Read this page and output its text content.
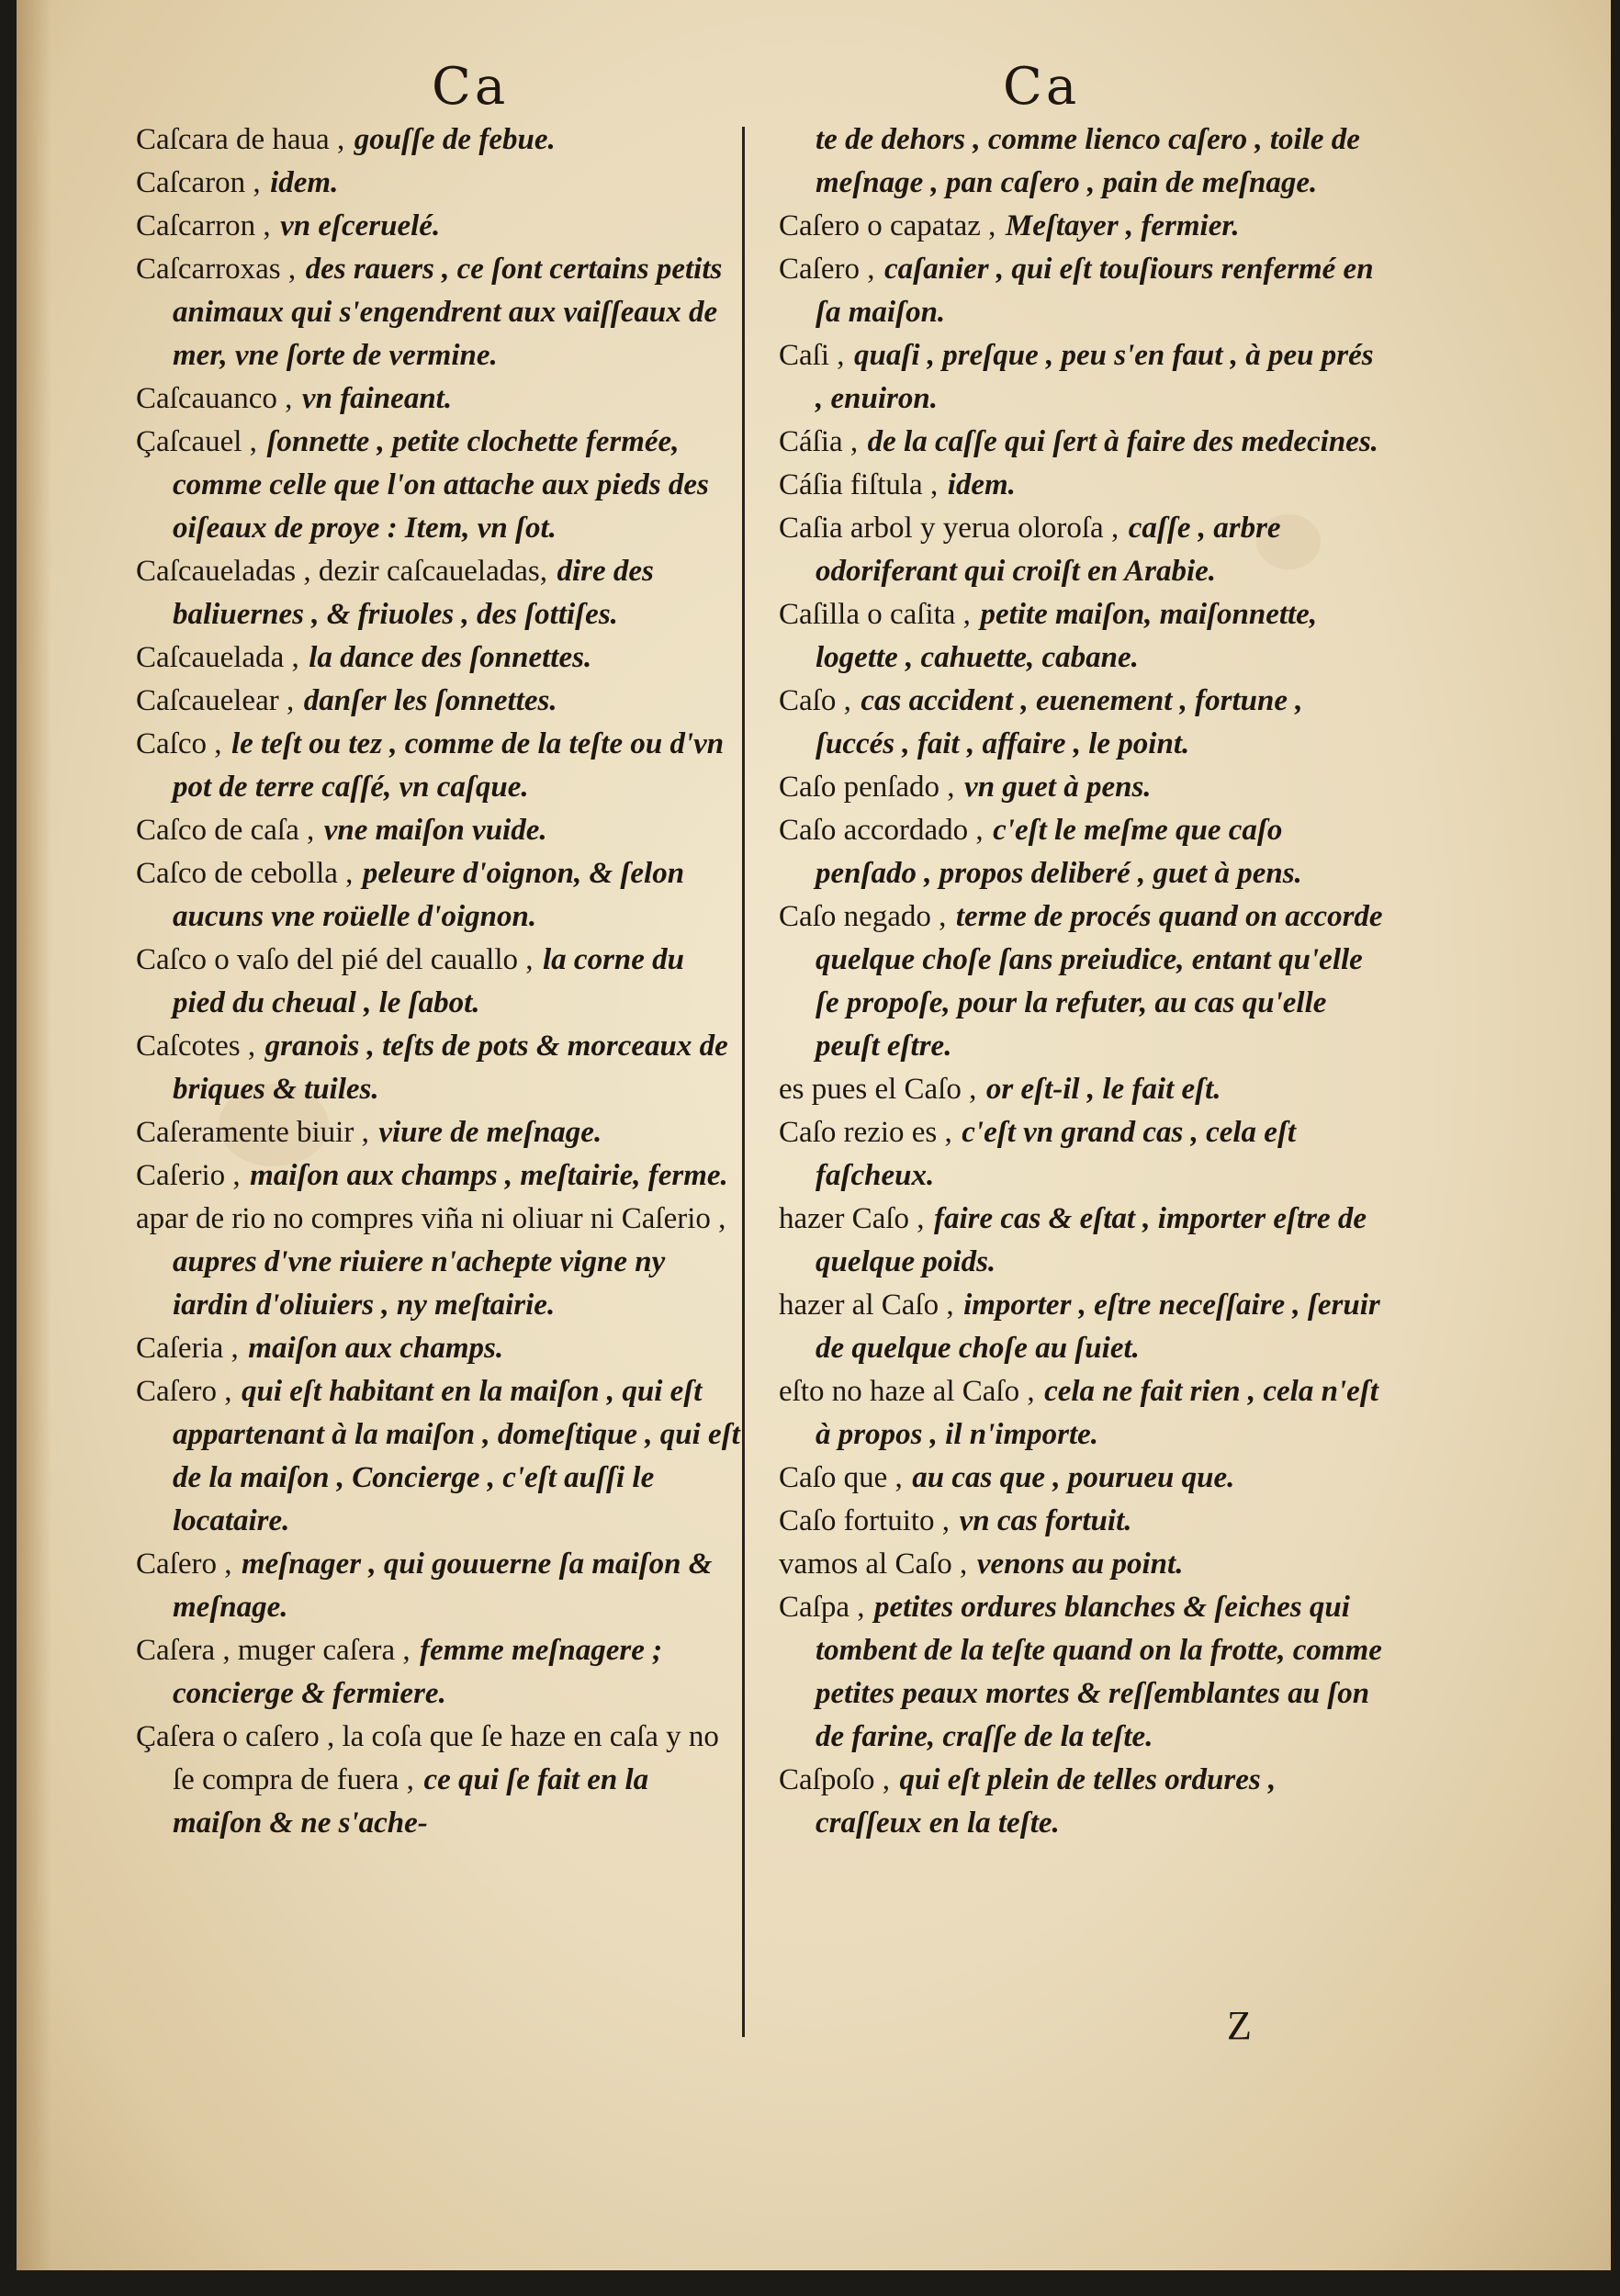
Ca	Ca

Caſcara de haua , gouſſe de febue.

Caſcaron , idem.

Caſcarron , vn eſceruelé.

Caſcarroxas , des rauers , ce ſont certains petits animaux qui s'engendrent aux vaiſſeaux de mer, vne ſorte de vermine.

Caſcauanco , vn faineant.

Çaſcauel , ſonnette , petite clochette fermée, comme celle que l'on attache aux pieds des oiſeaux de proye : Item, vn ſot.

Caſcaueladas , dezir caſcaueladas, dire des baliuernes , & friuoles , des ſottiſes.

Caſcauelada , la dance des ſonnettes.

Caſcauelear , danſer les ſonnettes.

Caſco , le teſt ou tez , comme de la teſte ou d'vn pot de terre caſſé, vn caſque.

Caſco de caſa , vne maiſon vuide.

Caſco de cebolla , peleure d'oignon, & ſelon aucuns vne roüelle d'oignon.

Caſco o vaſo del pié del cauallo , la corne du pied du cheual , le ſabot.

Caſcotes , granois , teſts de pots & morceaux de briques & tuiles.

Caſeramente biuir , viure de meſnage.

Caſerio , maiſon aux champs , meſtairie, ferme.

apar de rio no compres viña ni oliuar ni Caſerio , aupres d'vne riuiere n'achepte vigne ny iardin d'oliuiers , ny meſtairie.

Caſeria , maiſon aux champs.

Caſero , qui eſt habitant en la maiſon , qui eſt appartenant à la maiſon , domeſtique , qui eſt de la maiſon , Concierge , c'eſt auſſi le locataire.

Caſero , meſnager , qui gouuerne ſa maiſon & meſnage.

Caſera , muger caſera , femme meſnagere ; concierge & fermiere.

Çaſera o caſero , la coſa que ſe haze en caſa y no ſe compra de fuera , ce qui ſe fait en la maiſon & ne s'ache-

te de dehors , comme lienco caſero , toile de meſnage , pan caſero , pain de meſnage.

Caſero o capataz , Meſtayer , fermier.

Caſero , caſanier , qui eſt touſiours renfermé en ſa maiſon.

Caſi , quaſi , preſque , peu s'en faut , à peu prés , enuiron.

Cáſia , de la caſſe qui ſert à faire des medecines.

Cáſia fiſtula , idem.

Caſia arbol y yerua oloroſa , caſſe , arbre odoriferant qui croiſt en Arabie.

Caſilla o caſita , petite maiſon, maiſonnette, logette , cahuette, cabane.

Caſo , cas accident , euenement , fortune , ſuccés , fait , affaire , le point.

Caſo penſado , vn guet à pens.

Caſo accordado , c'eſt le meſme que caſo penſado , propos deliberé , guet à pens.

Caſo negado , terme de procés quand on accorde quelque choſe ſans preiudice, entant qu'elle ſe propoſe, pour la refuter, au cas qu'elle peuſt eſtre.

es pues el Caſo , or eſt-il , le fait eſt.

Caſo rezio es , c'eſt vn grand cas , cela eſt faſcheux.

hazer Caſo , faire cas & eſtat , importer eſtre de quelque poids.

hazer al Caſo , importer , eſtre neceſſaire , ſeruir de quelque choſe au ſuiet.

eſto no haze al Caſo , cela ne fait rien , cela n'eſt à propos , il n'importe.

Caſo que , au cas que , pourueu que.

Caſo fortuito , vn cas fortuit.

vamos al Caſo , venons au point.

Caſpa , petites ordures blanches & ſeiches qui tombent de la teſte quand on la frotte, comme petites peaux mortes & reſſemblantes au ſon de farine, craſſe de la teſte.

Caſpoſo , qui eſt plein de telles ordures , craſſeux en la teſte.

Z
